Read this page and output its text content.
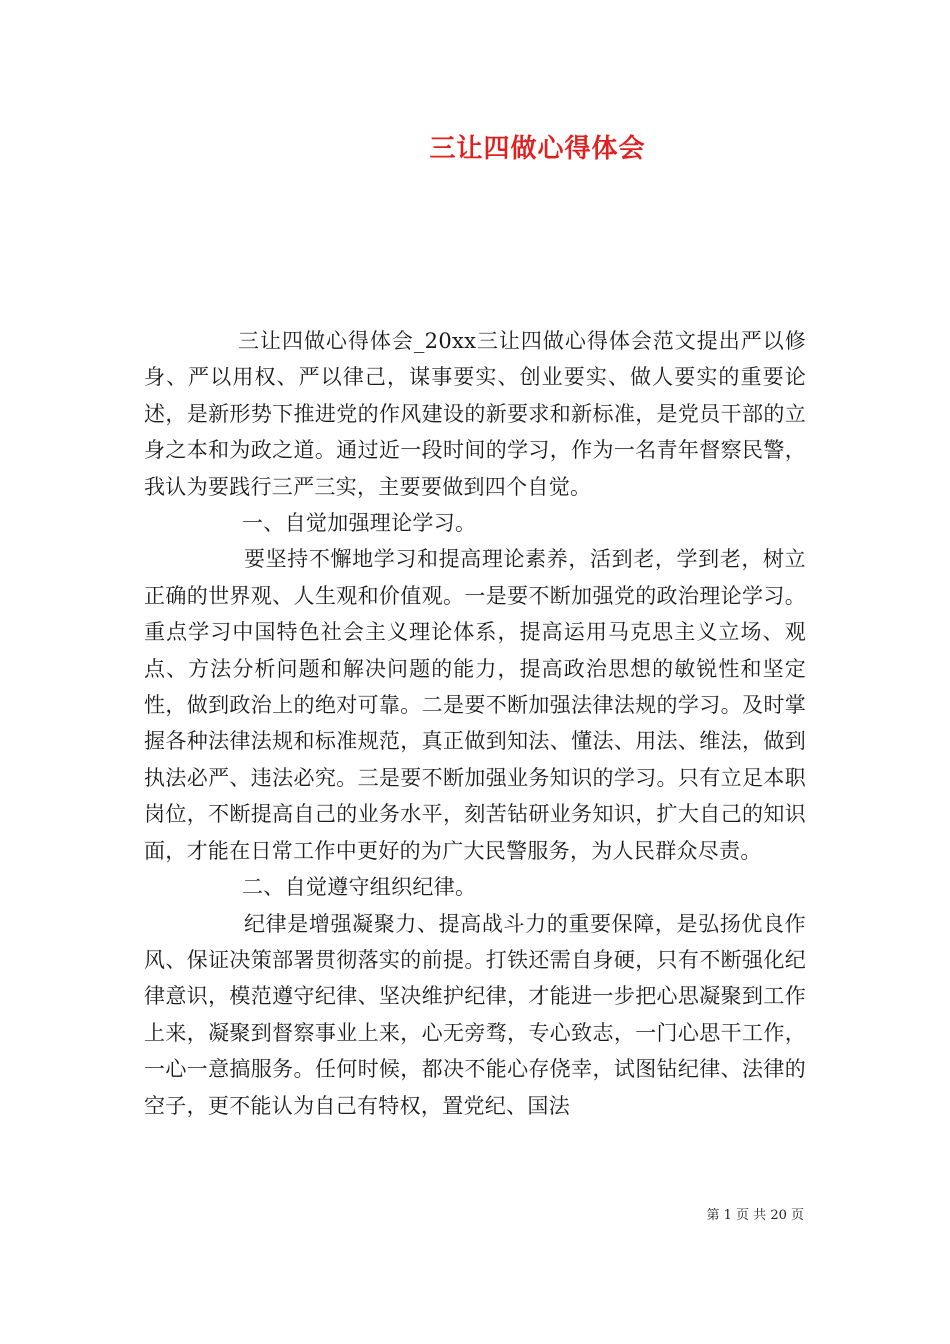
三让四做心得体会

三让四做心得体会_20xx三让四做心得体会范文提出严以修身、严以用权、严以律己，谋事要实、创业要实、做人要实的重要论述，是新形势下推进党的作风建设的新要求和新标准，是党员干部的立身之本和为政之道。通过近一段时间的学习，作为一名青年督察民警，我认为要践行三严三实，主要要做到四个自觉。

一、自觉加强理论学习。

要坚持不懈地学习和提高理论素养，活到老，学到老，树立正确的世界观、人生观和价值观。一是要不断加强党的政治理论学习。重点学习中国特色社会主义理论体系，提高运用马克思主义立场、观点、方法分析问题和解决问题的能力，提高政治思想的敏锐性和坚定性，做到政治上的绝对可靠。二是要不断加强法律法规的学习。及时掌握各种法律法规和标准规范，真正做到知法、懂法、用法、维法，做到执法必严、违法必究。三是要不断加强业务知识的学习。只有立足本职岗位，不断提高自己的业务水平，刻苦钻研业务知识，扩大自己的知识面，才能在日常工作中更好的为广大民警服务，为人民群众尽责。

二、自觉遵守组织纪律。

纪律是增强凝聚力、提高战斗力的重要保障，是弘扬优良作风、保证决策部署贯彻落实的前提。打铁还需自身硬，只有不断强化纪律意识，模范遵守纪律、坚决维护纪律，才能进一步把心思凝聚到工作上来，凝聚到督察事业上来，心无旁骛，专心致志，一门心思干工作，一心一意搞服务。任何时候，都决不能心存侥幸，试图钻纪律、法律的空子，更不能认为自己有特权，置党纪、国法

第 1 页 共 20 页
